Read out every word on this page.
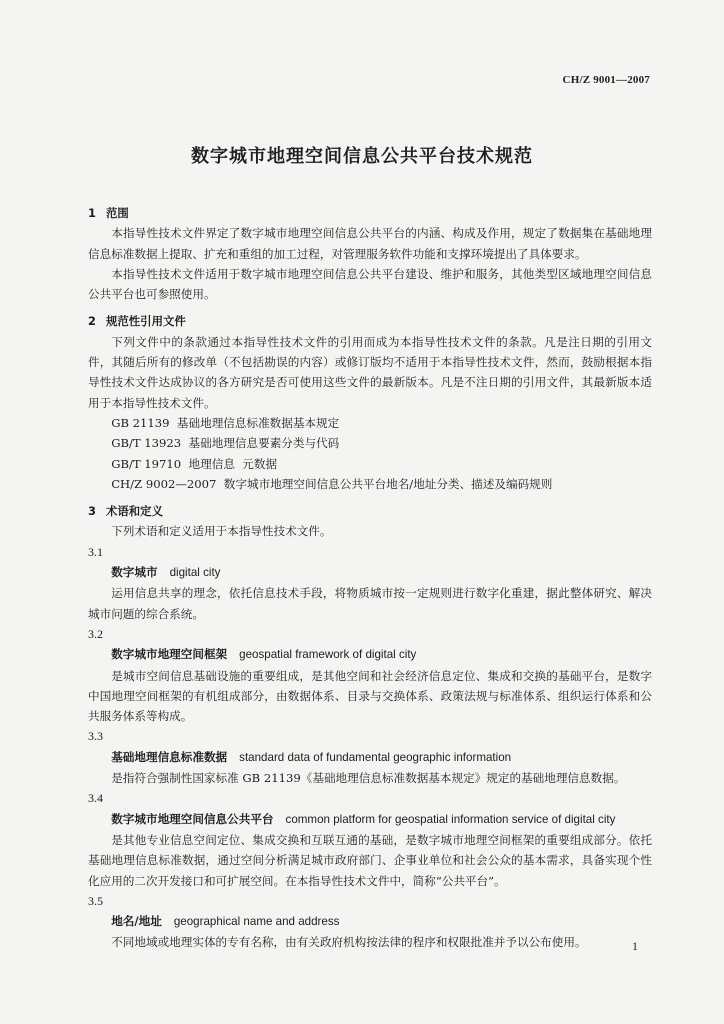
CH/Z 9001—2007
数字城市地理空间信息公共平台技术规范
1 范围
本指导性技术文件界定了数字城市地理空间信息公共平台的内涵、构成及作用，规定了数据集在基础地理信息标准数据上提取、扩充和重组的加工过程，对管理服务软件功能和支撑环境提出了具体要求。
本指导性技术文件适用于数字城市地理空间信息公共平台建设、维护和服务，其他类型区域地理空间信息公共平台也可参照使用。
2 规范性引用文件
下列文件中的条款通过本指导性技术文件的引用而成为本指导性技术文件的条款。凡是注日期的引用文件，其随后所有的修改单（不包括勘误的内容）或修订版均不适用于本指导性技术文件，然而，鼓励根据本指导性技术文件达成协议的各方研究是否可使用这些文件的最新版本。凡是不注日期的引用文件，其最新版本适用于本指导性技术文件。
GB 21139  基础地理信息标准数据基本规定
GB/T 13923  基础地理信息要素分类与代码
GB/T 19710  地理信息  元数据
CH/Z 9002—2007  数字城市地理空间信息公共平台地名/地址分类、描述及编码规则
3 术语和定义
下列术语和定义适用于本指导性技术文件。
3.1
数字城市 digital city
运用信息共享的理念，依托信息技术手段，将物质城市按一定规则进行数字化重建，据此整体研究、解决城市问题的综合系统。
3.2
数字城市地理空间框架 geospatial framework of digital city
是城市空间信息基础设施的重要组成，是其他空间和社会经济信息定位、集成和交换的基础平台，是数字中国地理空间框架的有机组成部分，由数据体系、目录与交换体系、政策法规与标准体系、组织运行体系和公共服务体系等构成。
3.3
基础地理信息标准数据 standard data of fundamental geographic information
是指符合强制性国家标准 GB 21139《基础地理信息标准数据基本规定》规定的基础地理信息数据。
3.4
数字城市地理空间信息公共平台 common platform for geospatial information service of digital city
是其他专业信息空间定位、集成交换和互联互通的基础，是数字城市地理空间框架的重要组成部分。依托基础地理信息标准数据，通过空间分析满足城市政府部门、企事业单位和社会公众的基本需求，具备实现个性化应用的二次开发接口和可扩展空间。在本指导性技术文件中，简称“公共平台”。
3.5
地名/地址 geographical name and address
不同地域或地理实体的专有名称，由有关政府机构按法律的程序和权限批准并予以公布使用。	1
